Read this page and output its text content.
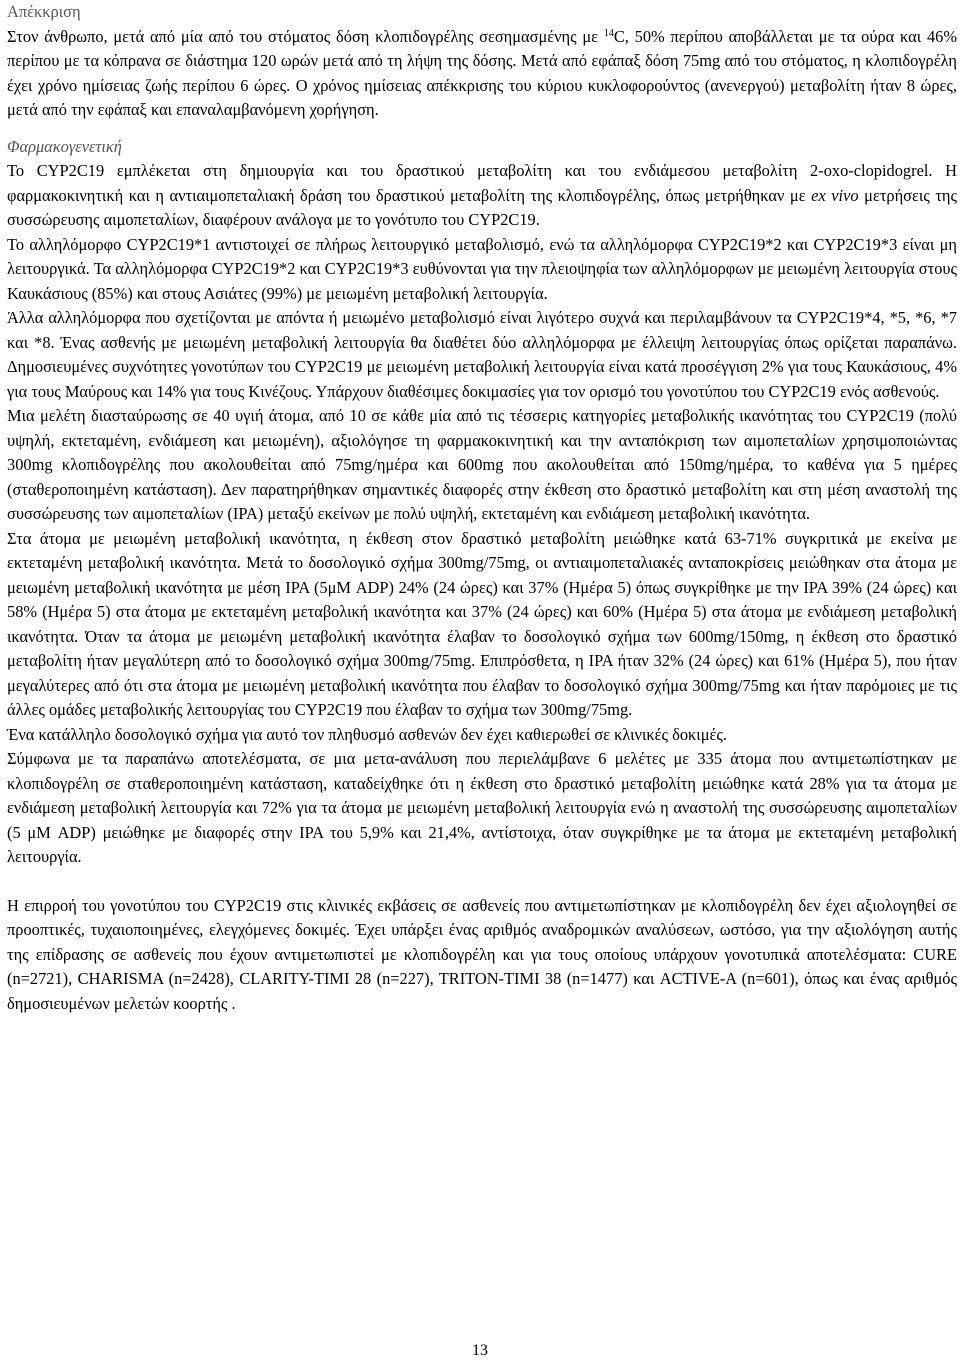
Απέκκριση

Στον άνθρωπο, μετά από μία από του στόματος δόση κλοπιδογρέλης σεσημασμένης με $^{14}$C, 50% περίπου αποβάλλεται με τα ούρα και 46% περίπου με τα κόπρανα σε διάστημα 120 ωρών μετά από τη λήψη της δόσης. Μετά από εφάπαξ δόση 75mg από του στόματος, η κλοπιδογρέλη έχει χρόνο ημίσειας ζωής περίπου 6 ώρες. Ο χρόνος ημίσειας απέκκρισης του κύριου κυκλοφορούντος (ανενεργού) μεταβολίτη ήταν 8 ώρες, μετά από την εφάπαξ και επαναλαμβανόμενη χορήγηση.

Φαρμακογενετική

Το CYP2C19 εμπλέκεται στη δημιουργία και του δραστικού μεταβολίτη και του ενδιάμεσου μεταβολίτη 2-oxo-clopidogrel. Η φαρμακοκινητική και η αντιαιμοπεταλιακή δράση του δραστικού μεταβολίτη της κλοπιδογρέλης, όπως μετρήθηκαν με ex vivo μετρήσεις της συσσώρευσης αιμοπεταλίων, διαφέρουν ανάλογα με το γονότυπο του CYP2C19.

Το αλληλόμορφο CYP2C19*1 αντιστοιχεί σε πλήρως λειτουργικό μεταβολισμό, ενώ τα αλληλόμορφα CYP2C19*2 και CYP2C19*3 είναι μη λειτουργικά. Τα αλληλόμορφα CYP2C19*2 και CYP2C19*3 ευθύνονται για την πλειοψηφία των αλληλόμορφων με μειωμένη λειτουργία στους Καυκάσιους (85%) και στους Ασιάτες (99%) με μειωμένη μεταβολική λειτουργία.

Άλλα αλληλόμορφα που σχετίζονται με απόντα ή μειωμένο μεταβολισμό είναι λιγότερο συχνά και περιλαμβάνουν τα CYP2C19*4, *5, *6, *7 και *8. Ένας ασθενής με μειωμένη μεταβολική λειτουργία θα διαθέτει δύο αλληλόμορφα με έλλειψη λειτουργίας όπως ορίζεται παραπάνω. Δημοσιευμένες συχνότητες γονοτύπων του CYP2C19 με μειωμένη μεταβολική λειτουργία είναι κατά προσέγγιση 2% για τους Καυκάσιους, 4% για τους Μαύρους και 14% για τους Κινέζους. Υπάρχουν διαθέσιμες δοκιμασίες για τον ορισμό του γονοτύπου του CYP2C19 ενός ασθενούς.

Μια μελέτη διασταύρωσης σε 40 υγιή άτομα, από 10 σε κάθε μία από τις τέσσερις κατηγορίες μεταβολικής ικανότητας του CYP2C19 (πολύ υψηλή, εκτεταμένη, ενδιάμεση και μειωμένη), αξιολόγησε τη φαρμακοκινητική και την ανταπόκριση των αιμοπεταλίων χρησιμοποιώντας 300mg κλοπιδογρέλης που ακολουθείται από 75mg/ημέρα και 600mg που ακολουθείται από 150mg/ημέρα, το καθένα για 5 ημέρες (σταθεροποιημένη κατάσταση). Δεν παρατηρήθηκαν σημαντικές διαφορές στην έκθεση στο δραστικό μεταβολίτη και στη μέση αναστολή της συσσώρευσης των αιμοπεταλίων (IPA) μεταξύ εκείνων με πολύ υψηλή, εκτεταμένη και ενδιάμεση μεταβολική ικανότητα.

Στα άτομα με μειωμένη μεταβολική ικανότητα, η έκθεση στον δραστικό μεταβολίτη μειώθηκε κατά 63-71% συγκριτικά με εκείνα με εκτεταμένη μεταβολική ικανότητα. Μετά το δοσολογικό σχήμα 300mg/75mg, οι αντιαιμοπεταλιακές ανταποκρίσεις μειώθηκαν στα άτομα με μειωμένη μεταβολική ικανότητα με μέση IPA (5μΜ ADP) 24% (24 ώρες) και 37% (Ημέρα 5) όπως συγκρίθηκε με την IPA 39% (24 ώρες) και 58% (Ημέρα 5) στα άτομα με εκτεταμένη μεταβολική ικανότητα και 37% (24 ώρες) και 60% (Ημέρα 5) στα άτομα με ενδιάμεση μεταβολική ικανότητα. Όταν τα άτομα με μειωμένη μεταβολική ικανότητα έλαβαν το δοσολογικό σχήμα των 600mg/150mg, η έκθεση στο δραστικό μεταβολίτη ήταν μεγαλύτερη από το δοσολογικό σχήμα 300mg/75mg. Επιπρόσθετα, η IPA ήταν 32% (24 ώρες) και 61% (Ημέρα 5), που ήταν μεγαλύτερες από ότι στα άτομα με μειωμένη μεταβολική ικανότητα που έλαβαν το δοσολογικό σχήμα 300mg/75mg και ήταν παρόμοιες με τις άλλες ομάδες μεταβολικής λειτουργίας του CYP2C19 που έλαβαν το σχήμα των 300mg/75mg.

Ένα κατάλληλο δοσολογικό σχήμα για αυτό τον πληθυσμό ασθενών δεν έχει καθιερωθεί σε κλινικές δοκιμές.

Σύμφωνα με τα παραπάνω αποτελέσματα, σε μια μετα-ανάλυση που περιελάμβανε 6 μελέτες με 335 άτομα που αντιμετωπίστηκαν με κλοπιδογρέλη σε σταθεροποιημένη κατάσταση, καταδείχθηκε ότι η έκθεση στο δραστικό μεταβολίτη μειώθηκε κατά 28% για τα άτομα με ενδιάμεση μεταβολική λειτουργία και 72% για τα άτομα με μειωμένη μεταβολική λειτουργία ενώ η αναστολή της συσσώρευσης αιμοπεταλίων (5 μΜ ADP) μειώθηκε με διαφορές στην IPA του 5,9% και 21,4%, αντίστοιχα, όταν συγκρίθηκε με τα άτομα με εκτεταμένη μεταβολική λειτουργία.

Η επιρροή του γονοτύπου του CYP2C19 στις κλινικές εκβάσεις σε ασθενείς που αντιμετωπίστηκαν με κλοπιδογρέλη δεν έχει αξιολογηθεί σε προοπτικές, τυχαιοποιημένες, ελεγχόμενες δοκιμές. Έχει υπάρξει ένας αριθμός αναδρομικών αναλύσεων, ωστόσο, για την αξιολόγηση αυτής της επίδρασης σε ασθενείς που έχουν αντιμετωπιστεί με κλοπιδογρέλη και για τους οποίους υπάρχουν γονοτυπικά αποτελέσματα: CURE (n=2721), CHARISMA (n=2428), CLARITY-TIMI 28 (n=227), TRITON-TIMI 38 (n=1477) και ACTIVE-A (n=601), όπως και ένας αριθμός δημοσιευμένων μελετών κοορτής .

13
